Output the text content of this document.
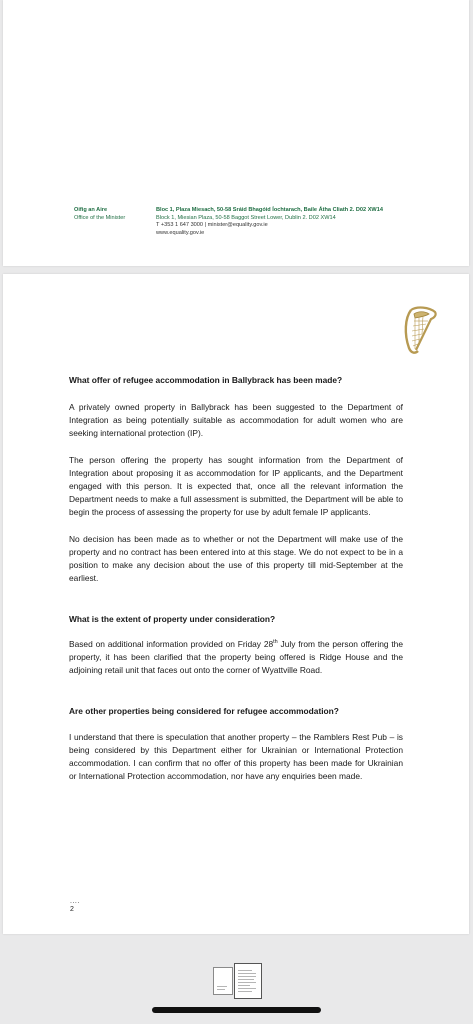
Oifig an Aire
Office of the Minister
Bloc 1, Plaza Miesach, 50-58 Sráid Bhagóid Íochtarach, Baile Átha Cliath 2. D02 XW14
Block 1, Miesian Plaza, 50-58 Baggot Street Lower, Dublin 2. D02 XW14
T +353 1 647 3000 | minister@equality.gov.ie
www.equality.gov.ie
What offer of refugee accommodation in Ballybrack has been made?

A privately owned property in Ballybrack has been suggested to the Department of Integration as being potentially suitable as accommodation for adult women who are seeking international protection (IP).

The person offering the property has sought information from the Department of Integration about proposing it as accommodation for IP applicants, and the Department engaged with this person. It is expected that, once all the relevant information the Department needs to make a full assessment is submitted, the Department will be able to begin the process of assessing the property for use by adult female IP applicants.

No decision has been made as to whether or not the Department will make use of the property and no contract has been entered into at this stage. We do not expect to be in a position to make any decision about the use of this property till mid-September at the earliest.

What is the extent of property under consideration?

Based on additional information provided on Friday 28th July from the person offering the property, it has been clarified that the property being offered is Ridge House and the adjoining retail unit that faces out onto the corner of Wyattville Road.

Are other properties being considered for refugee accommodation?

I understand that there is speculation that another property – the Ramblers Rest Pub – is being considered by this Department either for Ukrainian or International Protection accommodation. I can confirm that no offer of this property has been made for Ukrainian or International Protection accommodation, nor have any enquiries been made.

....
2
